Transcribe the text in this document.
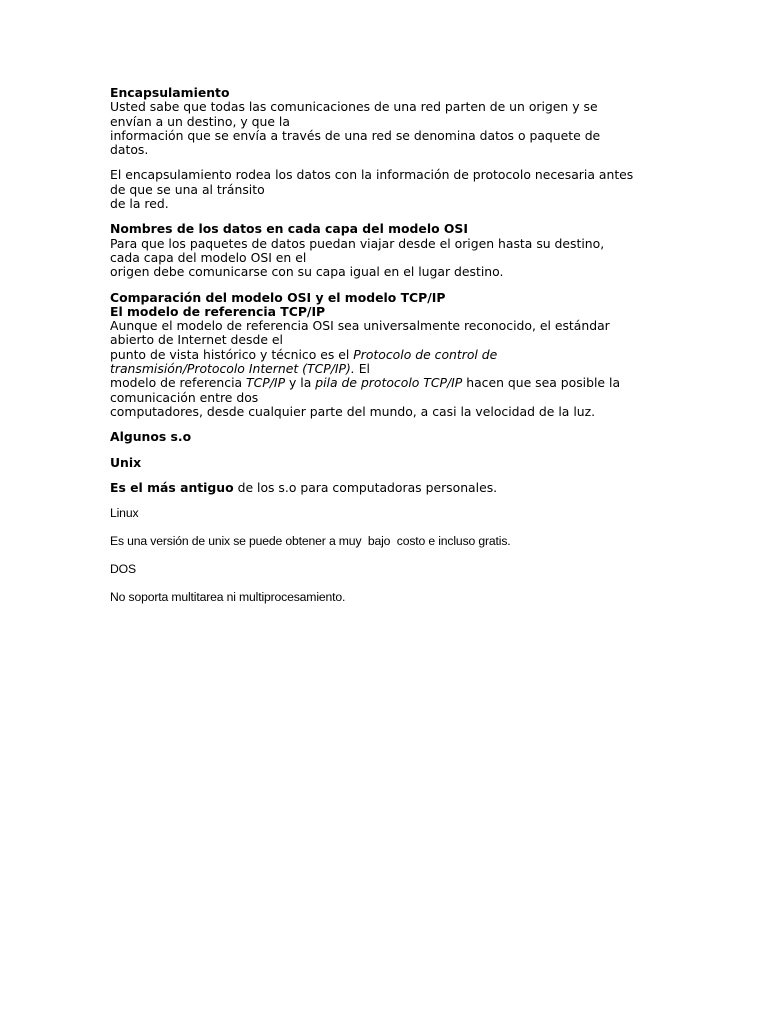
Encapsulamiento
Usted sabe que todas las comunicaciones de una red parten de un origen y se
envían a un destino, y que la
información que se envía a través de una red se denomina datos o paquete de
datos.
El encapsulamiento rodea los datos con la información de protocolo necesaria antes
de que se una al tránsito
de la red.
Nombres de los datos en cada capa del modelo OSI
Para que los paquetes de datos puedan viajar desde el origen hasta su destino,
cada capa del modelo OSI en el
origen debe comunicarse con su capa igual en el lugar destino.
Comparación del modelo OSI y el modelo TCP/IP
El modelo de referencia TCP/IP
Aunque el modelo de referencia OSI sea universalmente reconocido, el estándar
abierto de Internet desde el
punto de vista histórico y técnico es el Protocolo de control de
transmisión/Protocolo Internet (TCP/IP). El
modelo de referencia TCP/IP y la pila de protocolo TCP/IP hacen que sea posible la
comunicación entre dos
computadores, desde cualquier parte del mundo, a casi la velocidad de la luz.
Algunos s.o
Unix
Es el más antiguo de los s.o para computadoras personales.
Linux
Es una versión de unix se puede obtener a muy  bajo  costo e incluso gratis.
DOS
No soporta multitarea ni multiprocesamiento.
